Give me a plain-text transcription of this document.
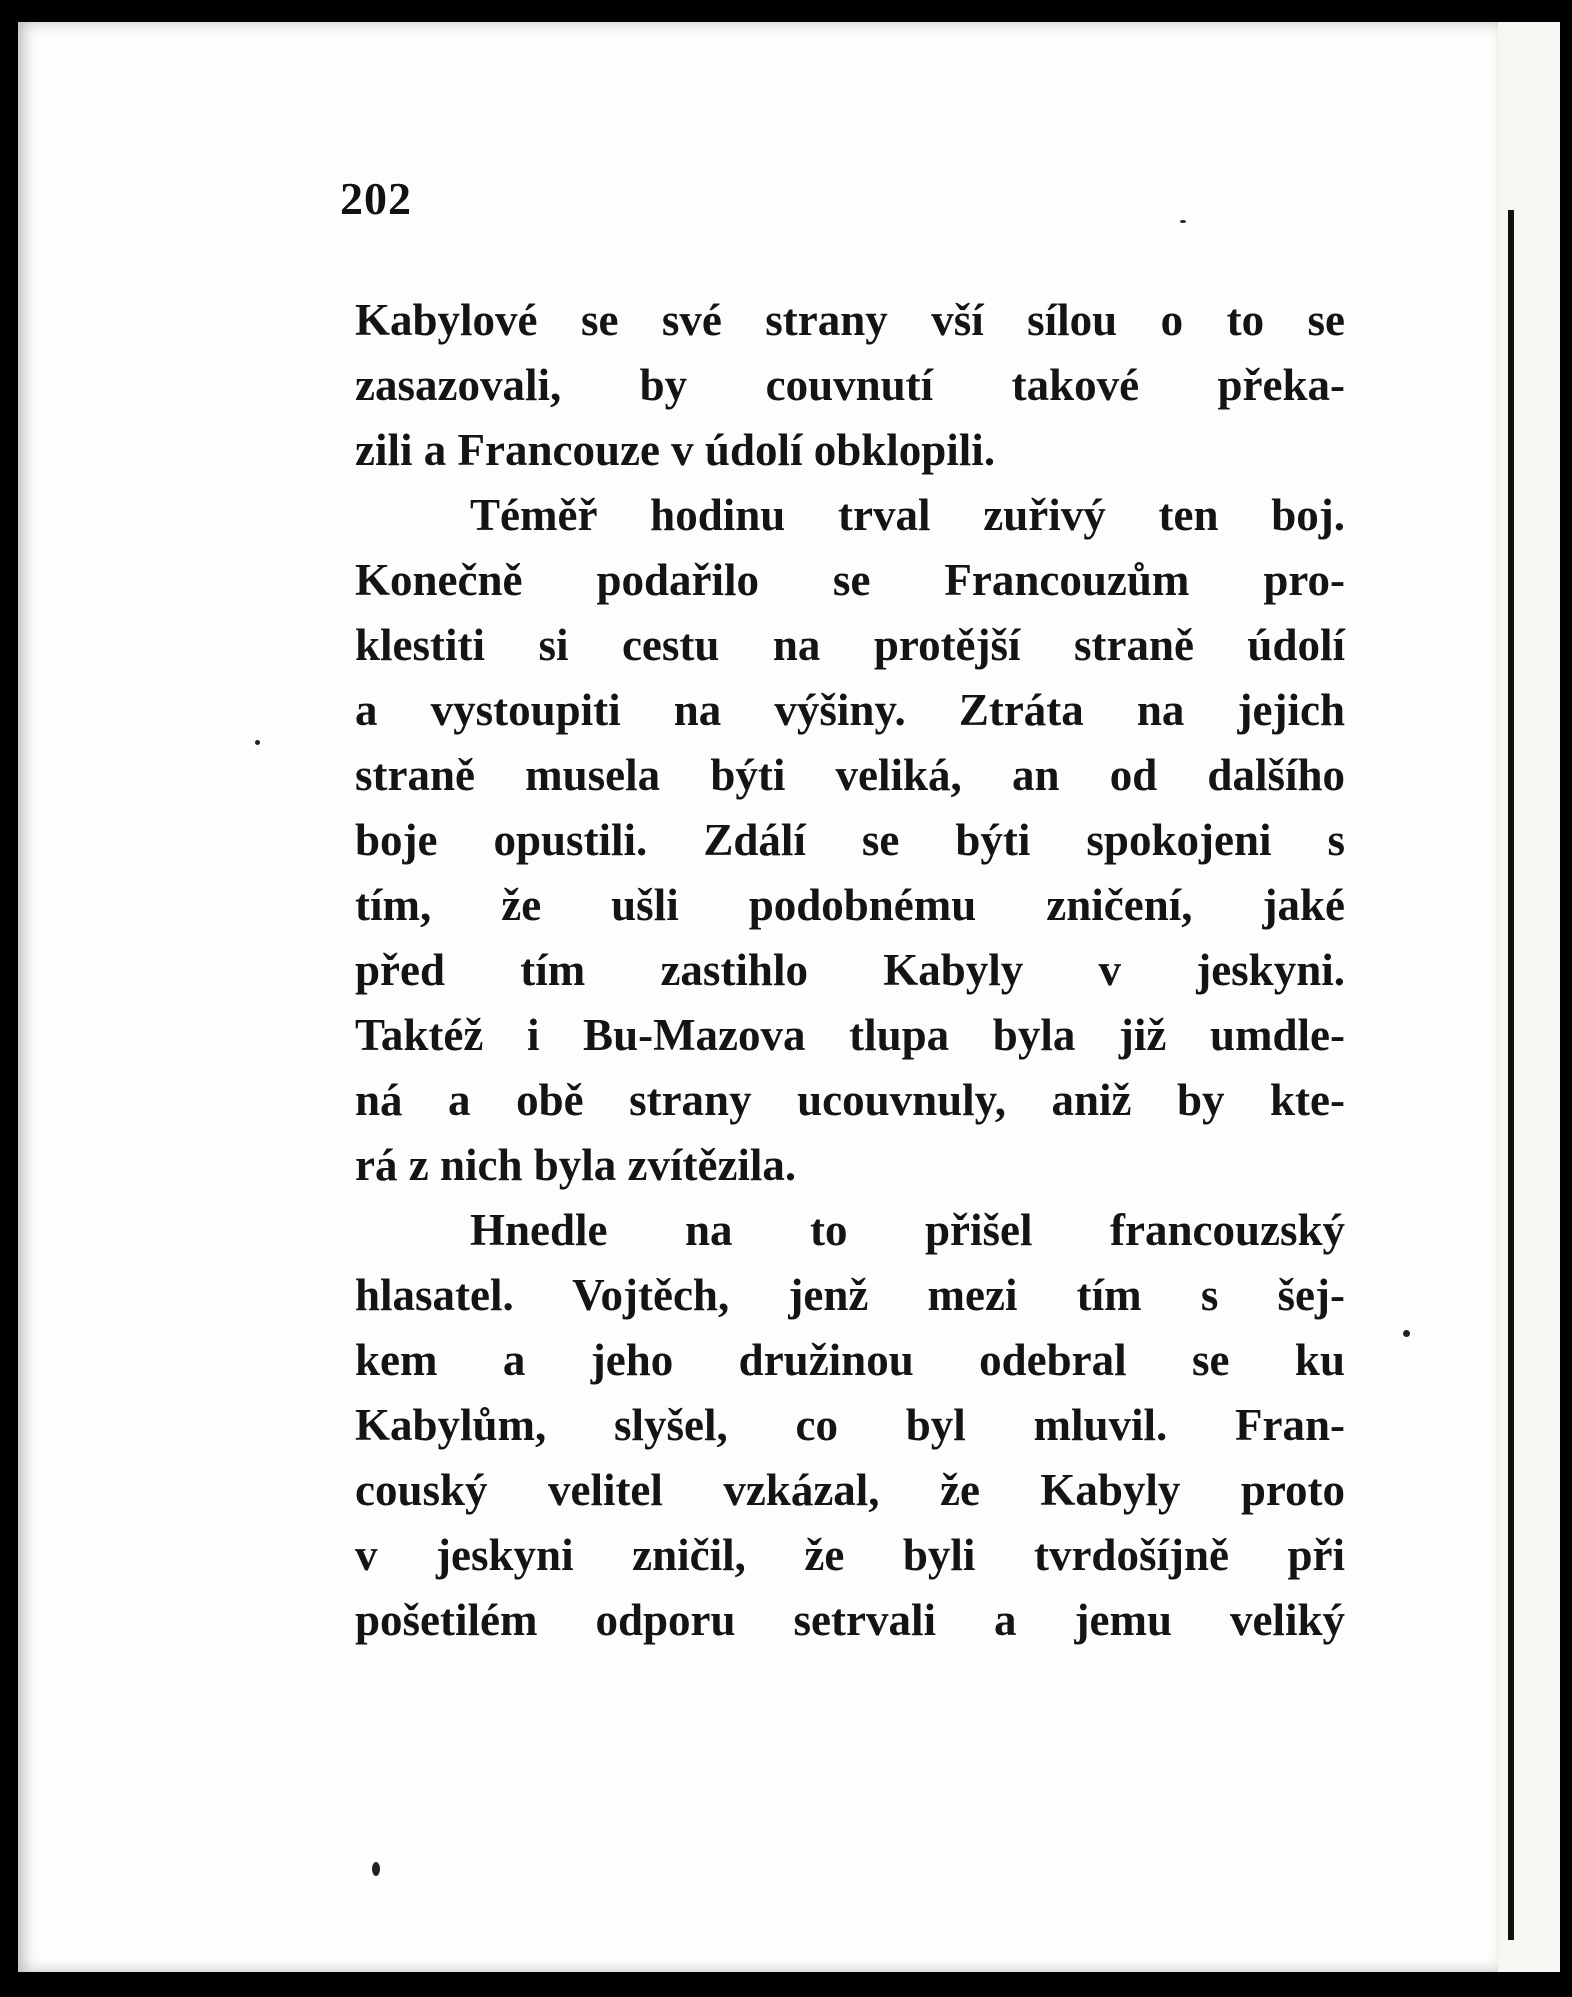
202
Kabylové se své strany vší sílou o to se
zasazovali, by couvnutí takové překa-
zili a Francouze v údolí obklopili.
Téměř hodinu trval zuřivý ten boj.
Konečně podařilo se Francouzům pro-
klestiti si cestu na protější straně údolí
a vystoupiti na výšiny. Ztráta na jejich
straně musela býti veliká, an od dalšího
boje opustili. Zdálí se býti spokojeni s
tím, že ušli podobnému zničení, jaké
před tím zastihlo Kabyly v jeskyni.
Taktéž i Bu-Mazova tlupa byla již umdle-
ná a obě strany ucouvnuly, aniž by kte-
rá z nich byla zvítězila.
Hnedle na to přišel francouzský
hlasatel. Vojtěch, jenž mezi tím s šej-
kem a jeho družinou odebral se ku
Kabylům, slyšel, co byl mluvil. Fran-
couský velitel vzkázal, že Kabyly proto
v jeskyni zničil, že byli tvrdošíjně při
pošetilém odporu setrvali a jemu veliký
